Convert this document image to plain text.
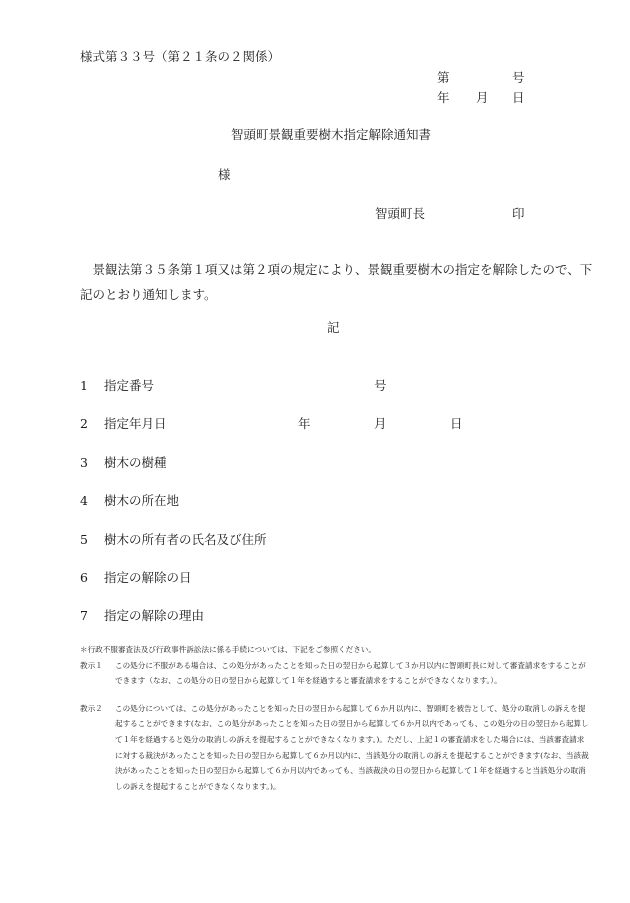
様式第３３号（第２１条の２関係）
第	号
年 月 日
智頭町景観重要樹木指定解除通知書
様
智頭町長	印
景観法第３５条第１項又は第２項の規定により、景観重要樹木の指定を解除したので、下記のとおり通知します。
記
1 指定番号	号
2 指定年月日	年	月	日
3 樹木の樹種
4 樹木の所在地
5 樹木の所有者の氏名及び住所
6 指定の解除の日
7 指定の解除の理由
＊行政不服審査法及び行政事件訴訟法に係る手続については、下記をご参照ください。
教示１ この処分に不服がある場合は、この処分があったことを知った日の翌日から起算して３か月以内に智頭町長に対して審査請求をすることができます（なお、この処分の日の翌日から起算して１年を経過すると審査請求をすることができなくなります。）。

教示２ この処分については、この処分があったことを知った日の翌日から起算して６か月以内に、智頭町を被告として、処分の取消しの訴えを提起することができます(なお、この処分があったことを知った日の翌日から起算して６か月以内であっても、この処分の日の翌日から起算して１年を経過すると処分の取消しの訴えを提起することができなくなります。)。ただし、上記１の審査請求をした場合には、当該審査請求に対する裁決があったことを知った日の翌日から起算して６か月以内に、当該処分の取消しの訴えを提起することができます(なお、当該裁決があったことを知った日の翌日から起算して６か月以内であっても、当該裁決の日の翌日から起算して１年を経過すると当該処分の取消しの訴えを提起することができなくなります。)。
